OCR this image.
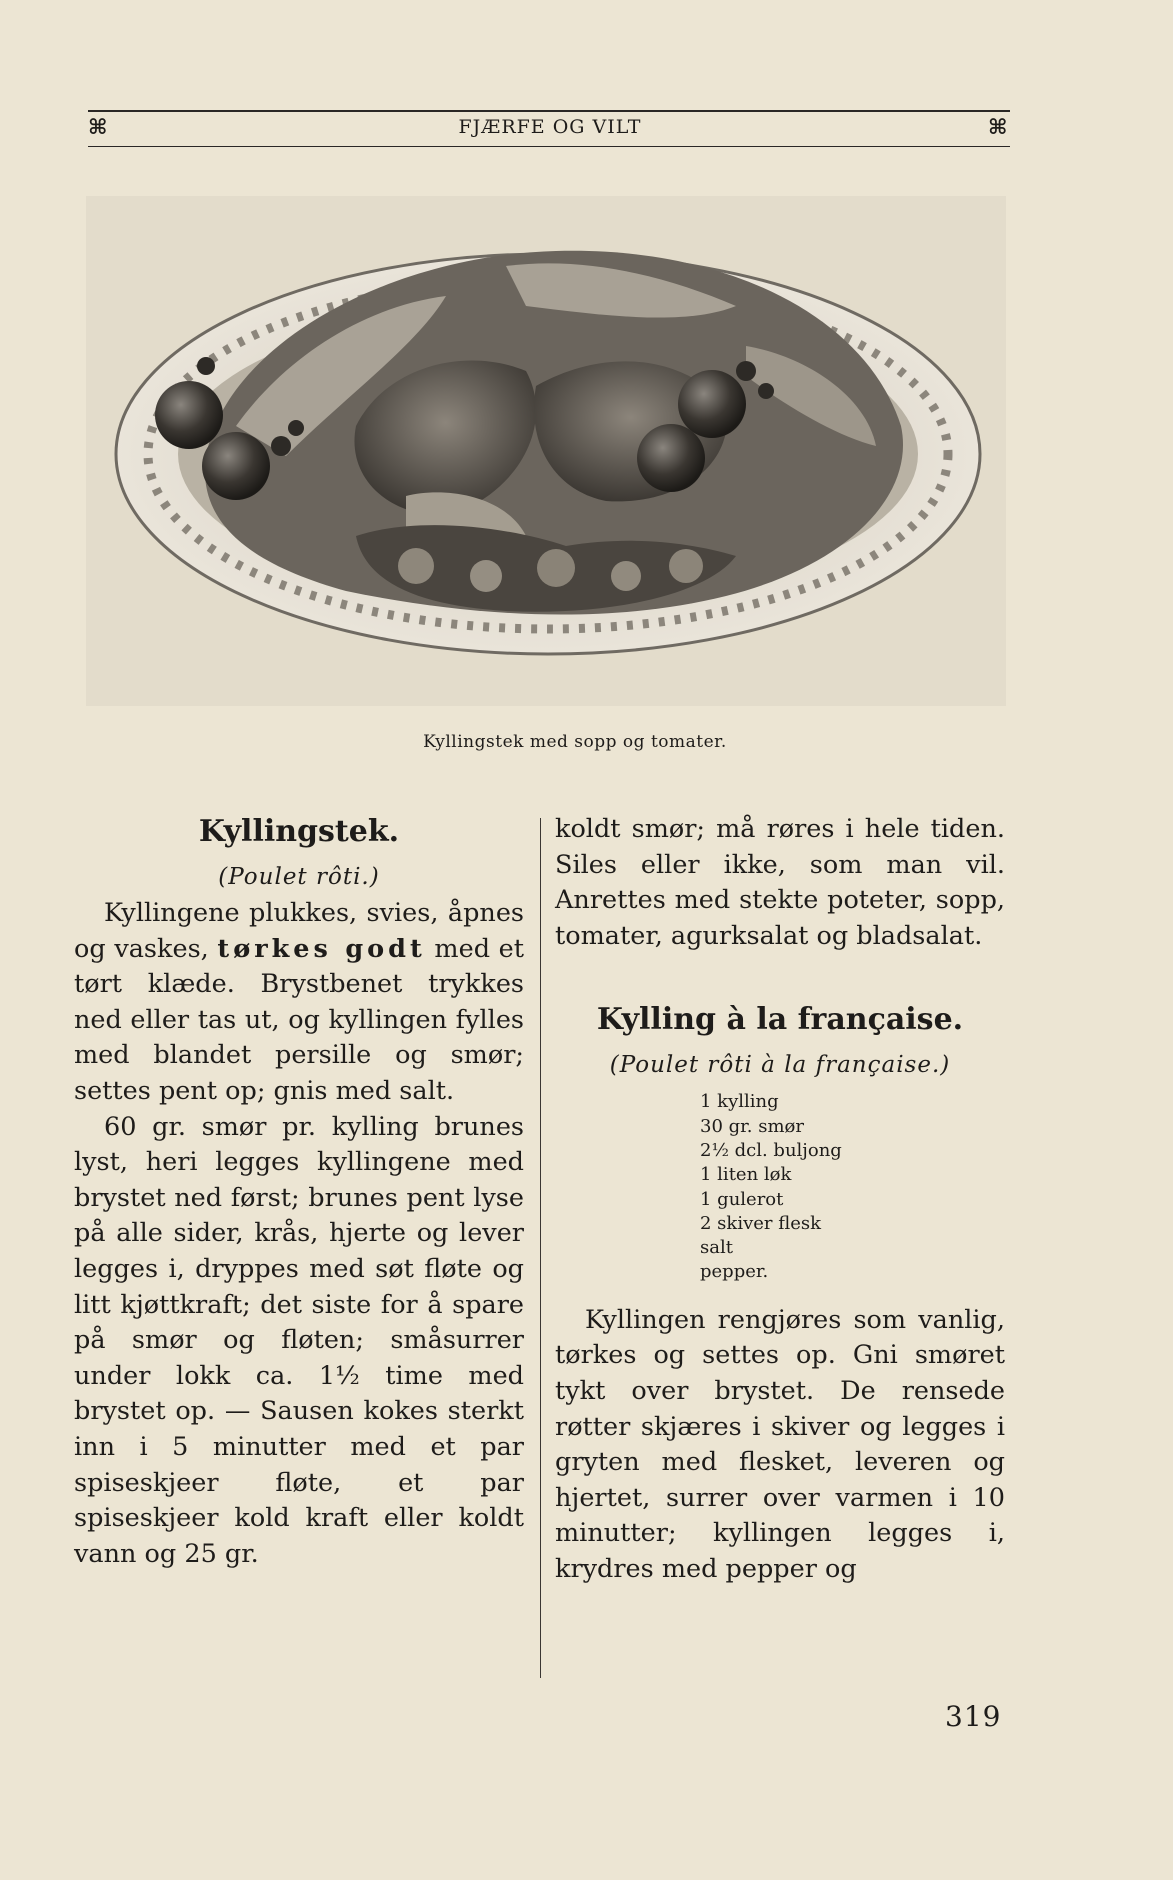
⌘	FJÆRFE OG VILT	⌘
Kyllingstek med sopp og tomater.
Kyllingstek.
(Poulet rôti.)

Kyllingene plukkes, svies, åpnes og vaskes, tørkes godt med et tørt klæde. Brystbenet trykkes ned eller tas ut, og kyllingen fylles med blandet persille og smør; settes pent op; gnis med salt.

60 gr. smør pr. kylling brunes lyst, heri legges kyllingene med brystet ned først; brunes pent lyse på alle sider, krås, hjerte og lever legges i, dryppes med søt fløte og litt kjøttkraft; det siste for å spare på smør og fløten; småsurrer under lokk ca. 1½ time med brystet op. — Sausen kokes sterkt inn i 5 minutter med et par spiseskjeer fløte, et par spiseskjeer kold kraft eller koldt vann og 25 gr.

koldt smør; må røres i hele tiden. Siles eller ikke, som man vil. Anrettes med stekte poteter, sopp, tomater, agurksalat og bladsalat.

Kylling à la française.
(Poulet rôti à la française.)
1 kylling
30 gr. smør
2½ dcl. buljong
1 liten løk
1 gulerot
2 skiver flesk
salt
pepper.

Kyllingen rengjøres som vanlig, tørkes og settes op. Gni smøret tykt over brystet. De rensede røtter skjæres i skiver og legges i gryten med flesket, leveren og hjertet, surrer over varmen i 10 minutter; kyllingen legges i, krydres med pepper og

319
